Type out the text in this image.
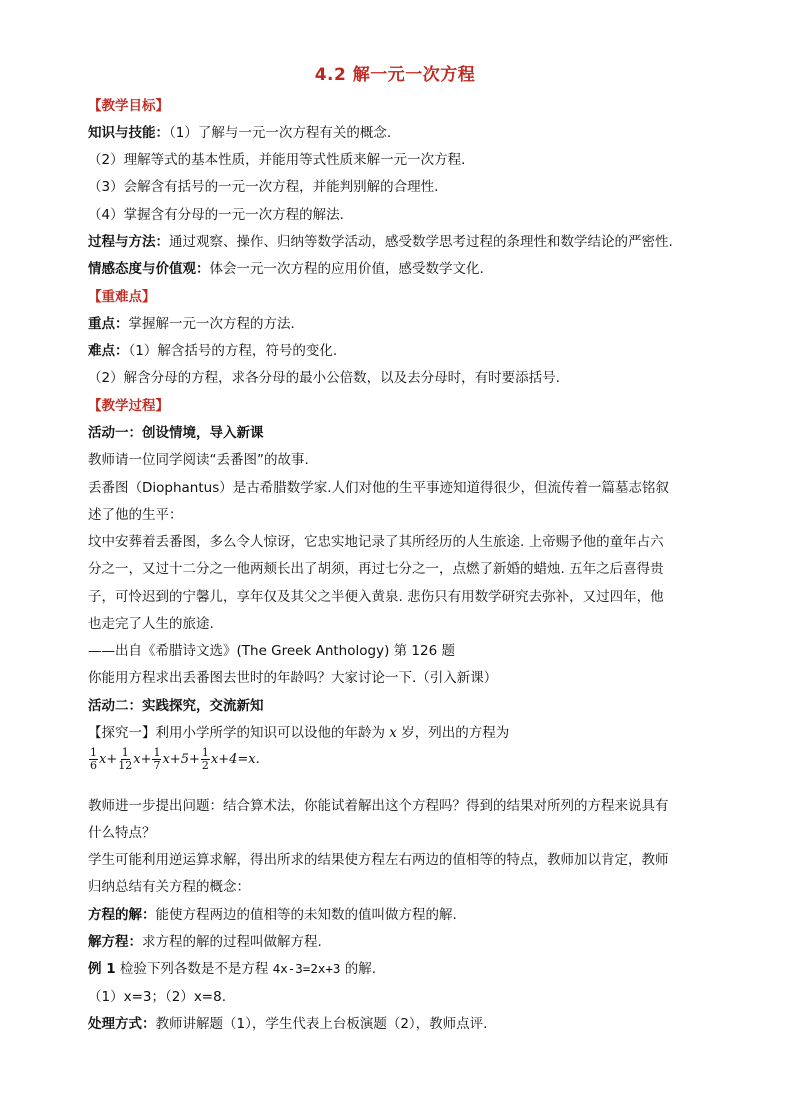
4.2 解一元一次方程
【教学目标】
知识与技能：（1）了解与一元一次方程有关的概念.
（2）理解等式的基本性质，并能用等式性质来解一元一次方程.
（3）会解含有括号的一元一次方程，并能判别解的合理性.
（4）掌握含有分母的一元一次方程的解法.
过程与方法：通过观察、操作、归纳等数学活动，感受数学思考过程的条理性和数学结论的严密性.
情感态度与价值观：体会一元一次方程的应用价值，感受数学文化.
【重难点】
重点：掌握解一元一次方程的方法.
难点：（1）解含括号的方程，符号的变化.
（2）解含分母的方程，求各分母的最小公倍数，以及去分母时，有时要添括号.
【教学过程】
活动一：创设情境，导入新课
教师请一位同学阅读“丢番图”的故事.
丢番图（Diophantus）是古希腊数学家.人们对他的生平事迹知道得很少，但流传着一篇墓志铭叙
述了他的生平：
坟中安葬着丢番图，多么令人惊讶，它忠实地记录了其所经历的人生旅途. 上帝赐予他的童年占六
分之一，又过十二分之一他两颊长出了胡须，再过七分之一，点燃了新婚的蜡烛. 五年之后喜得贵
子，可怜迟到的宁馨儿，享年仅及其父之半便入黄泉. 悲伤只有用数学研究去弥补，又过四年，他
也走完了人生的旅途.
——出自《希腊诗文选》(The Greek Anthology) 第 126 题
你能用方程求出丢番图去世时的年龄吗？大家讨论一下.（引入新课）
活动二：实践探究，交流新知
【探究一】利用小学所学的知识可以设他的年龄为 x 岁，列出的方程为
$\frac{1}{6} x+ \frac{1}{12} x+ \frac{1}{7} x+5+ \frac{1}{2} x+4=x$.
教师进一步提出问题：结合算术法，你能试着解出这个方程吗？得到的结果对所列的方程来说具有
什么特点？
学生可能利用逆运算求解，得出所求的结果使方程左右两边的值相等的特点，教师加以肯定，教师
归纳总结有关方程的概念：
方程的解：能使方程两边的值相等的未知数的值叫做方程的解.
解方程：求方程的解的过程叫做解方程.
例 1 检验下列各数是不是方程 4x-3=2x+3 的解.
（1）x=3；（2）x=8.
处理方式：教师讲解题（1），学生代表上台板演题（2），教师点评.
